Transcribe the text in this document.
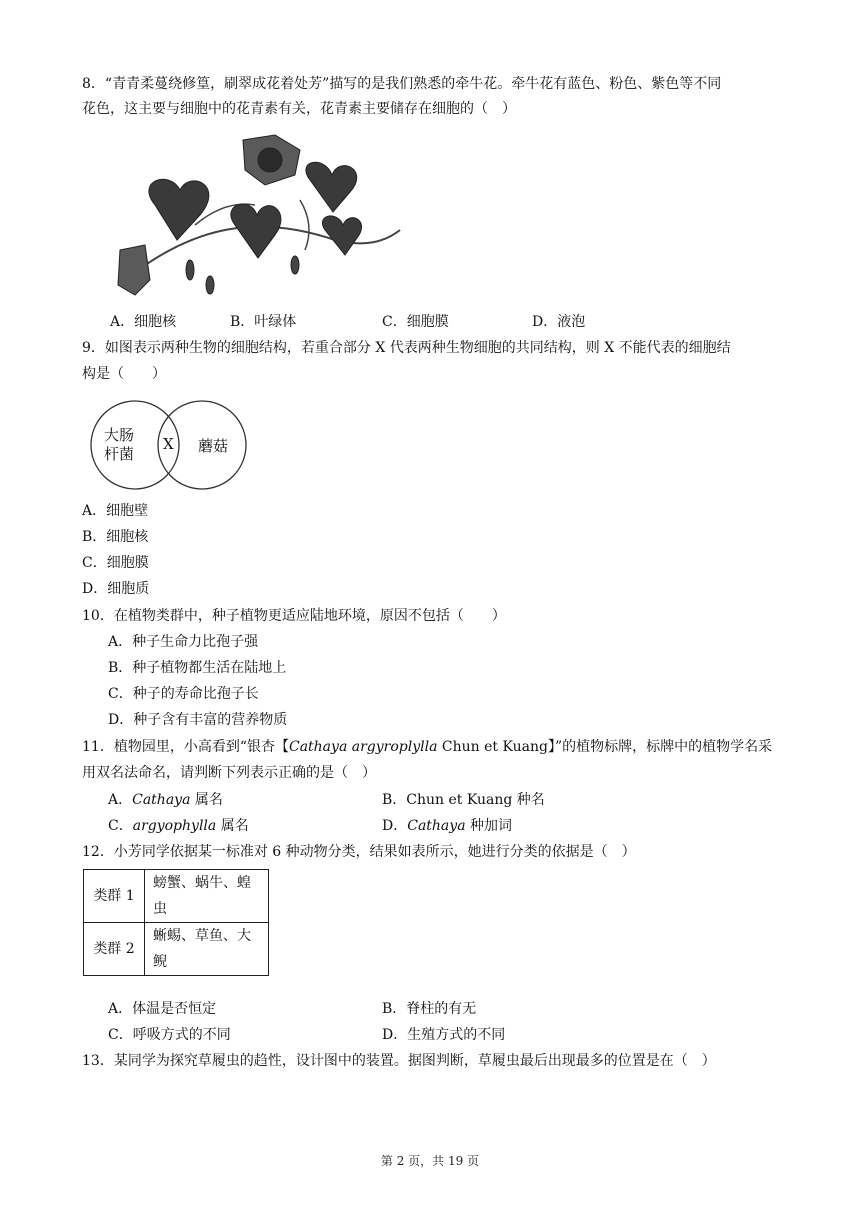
8．“青青柔蔓绕修篁，刷翠成花着处芳”描写的是我们熟悉的牵牛花。牵牛花有蓝色、粉色、紫色等不同
花色，这主要与细胞中的花青素有关，花青素主要储存在细胞的（　）
A．细胞核	B．叶绿体	C．细胞膜	D．液泡
9．如图表示两种生物的细胞结构，若重合部分 X 代表两种生物细胞的共同结构，则 X 不能代表的细胞结
构是（　　）
大肠
杆菌
X 蘑菇
A．细胞壁
B．细胞核
C．细胞膜
D．细胞质
10．在植物类群中，种子植物更适应陆地环境，原因不包括（　　）
A．种子生命力比孢子强
B．种子植物都生活在陆地上
C．种子的寿命比孢子长
D．种子含有丰富的营养物质
11．植物园里，小高看到“银杏【Cathaya argyroplylla Chun et Kuang】”的植物标牌，标牌中的植物学名采
用双名法命名，请判断下列表示正确的是（　）
A．Cathaya 属名	B．Chun et Kuang 种名
C．argyophylla 属名	D．Cathaya 种加词
12．小芳同学依据某一标准对 6 种动物分类，结果如表所示，她进行分类的依据是（　）
类群 1	螃蟹、蜗牛、蝗
虫

类群 2	蜥蜴、草鱼、大
鲵
A．体温是否恒定	B．脊柱的有无
C．呼吸方式的不同	D．生殖方式的不同
13．某同学为探究草履虫的趋性，设计图中的装置。据图判断，草履虫最后出现最多的位置是在（　）
第 2 页，共 19 页
